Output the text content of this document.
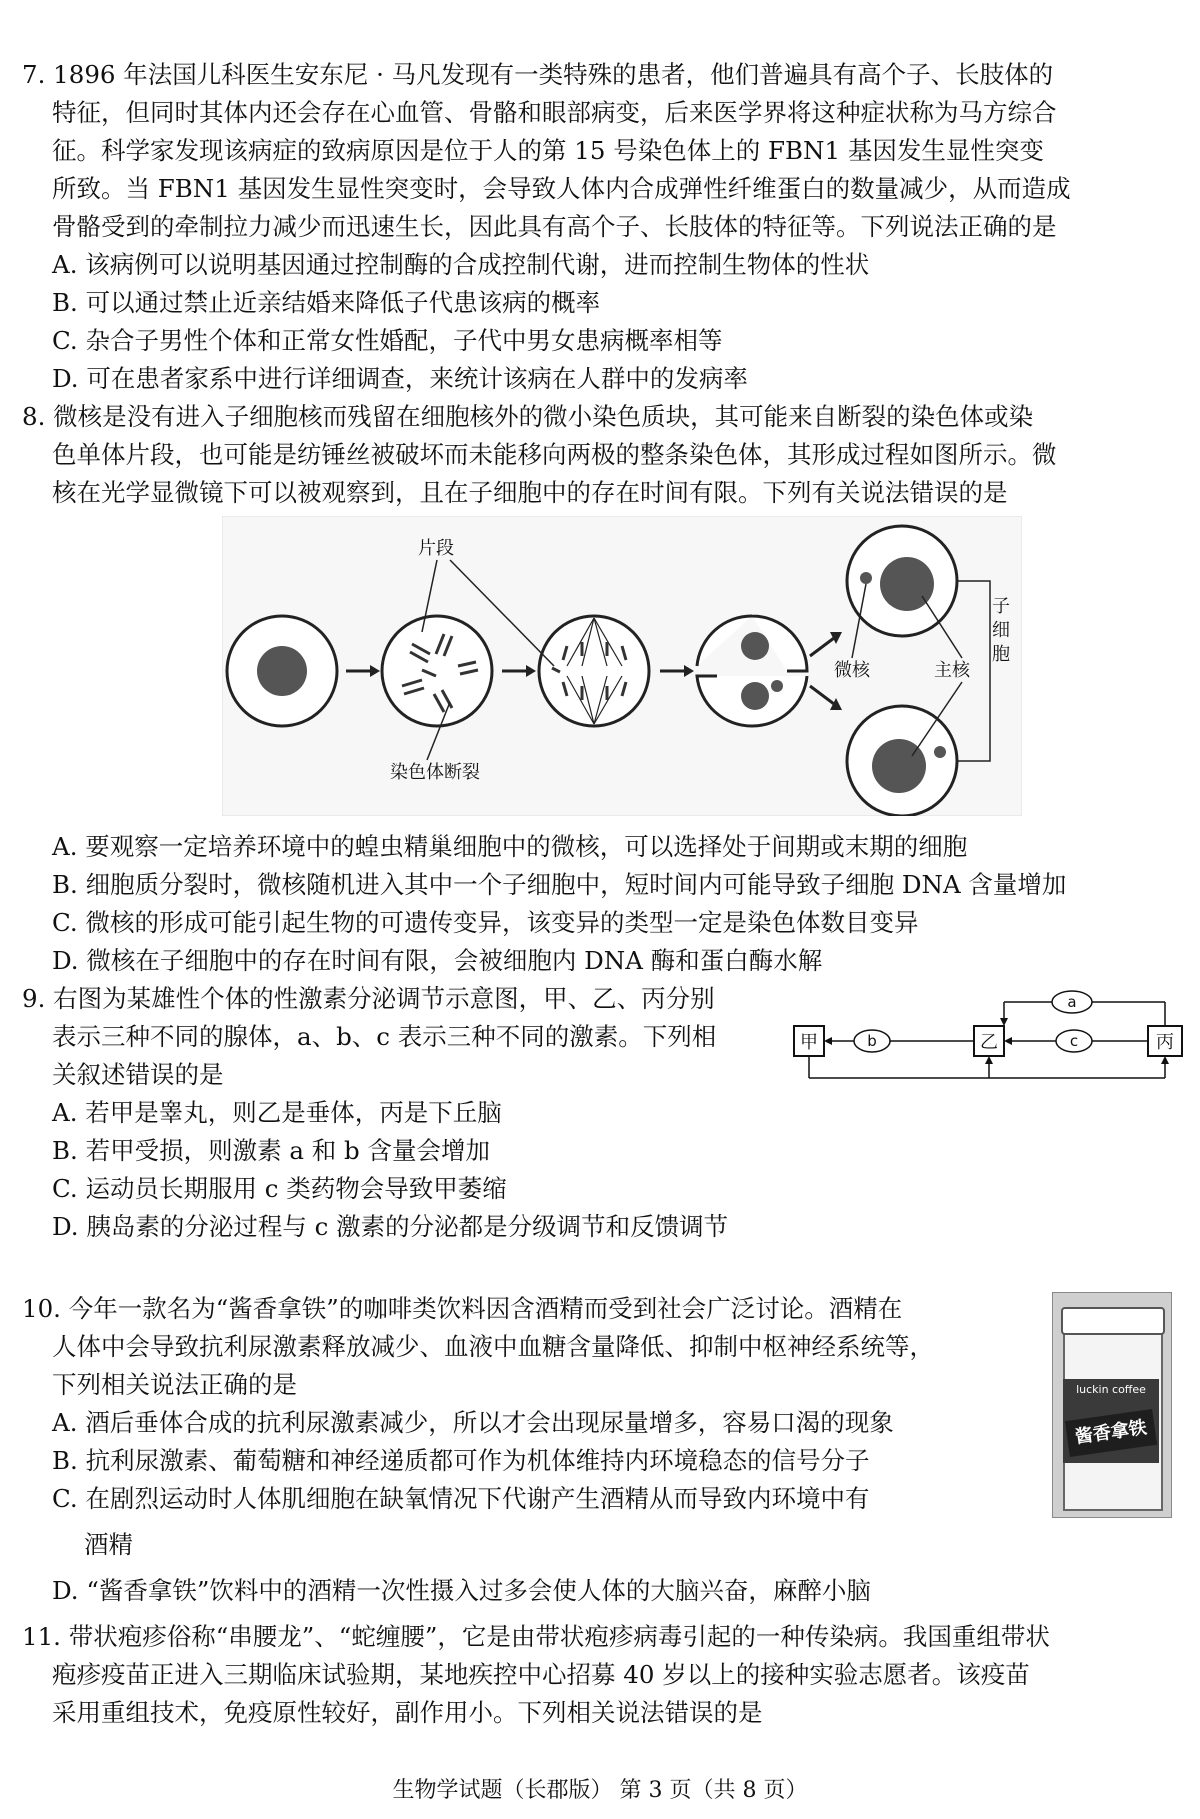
7. 1896 年法国儿科医生安东尼 · 马凡发现有一类特殊的患者，他们普遍具有高个子、长肢体的
特征，但同时其体内还会存在心血管、骨骼和眼部病变，后来医学界将这种症状称为马方综合
征。科学家发现该病症的致病原因是位于人的第 15 号染色体上的 FBN1 基因发生显性突变
所致。当 FBN1 基因发生显性突变时，会导致人体内合成弹性纤维蛋白的数量减少，从而造成
骨骼受到的牵制拉力减少而迅速生长，因此具有高个子、长肢体的特征等。下列说法正确的是
A. 该病例可以说明基因通过控制酶的合成控制代谢，进而控制生物体的性状
B. 可以通过禁止近亲结婚来降低子代患该病的概率
C. 杂合子男性个体和正常女性婚配，子代中男女患病概率相等
D. 可在患者家系中进行详细调查，来统计该病在人群中的发病率
8. 微核是没有进入子细胞核而残留在细胞核外的微小染色质块，其可能来自断裂的染色体或染
色单体片段，也可能是纺锤丝被破坏而未能移向两极的整条染色体，其形成过程如图所示。微
核在光学显微镜下可以被观察到，且在子细胞中的存在时间有限。下列有关说法错误的是
片段
染色体断裂
微核	主核
子
细
胞
A. 要观察一定培养环境中的蝗虫精巢细胞中的微核，可以选择处于间期或末期的细胞
B. 细胞质分裂时，微核随机进入其中一个子细胞中，短时间内可能导致子细胞 DNA 含量增加
C. 微核的形成可能引起生物的可遗传变异，该变异的类型一定是染色体数目变异
D. 微核在子细胞中的存在时间有限，会被细胞内 DNA 酶和蛋白酶水解
9. 右图为某雄性个体的性激素分泌调节示意图，甲、乙、丙分别
表示三种不同的腺体，a、b、c 表示三种不同的激素。下列相
关叙述错误的是
甲	乙	丙
a
b	c
A. 若甲是睾丸，则乙是垂体，丙是下丘脑
B. 若甲受损，则激素 a 和 b 含量会增加
C. 运动员长期服用 c 类药物会导致甲萎缩
D. 胰岛素的分泌过程与 c 激素的分泌都是分级调节和反馈调节
10. 今年一款名为“酱香拿铁”的咖啡类饮料因含酒精而受到社会广泛讨论。酒精在
人体中会导致抗利尿激素释放减少、血液中血糖含量降低、抑制中枢神经系统等，
下列相关说法正确的是	luckin coffee
酱香拿铁
A. 酒后垂体合成的抗利尿激素减少，所以才会出现尿量增多，容易口渴的现象
B. 抗利尿激素、葡萄糖和神经递质都可作为机体维持内环境稳态的信号分子
C. 在剧烈运动时人体肌细胞在缺氧情况下代谢产生酒精从而导致内环境中有
酒精
D. “酱香拿铁”饮料中的酒精一次性摄入过多会使人体的大脑兴奋，麻醉小脑
11. 带状疱疹俗称“串腰龙”、“蛇缠腰”，它是由带状疱疹病毒引起的一种传染病。我国重组带状
疱疹疫苗正进入三期临床试验期，某地疾控中心招募 40 岁以上的接种实验志愿者。该疫苗
采用重组技术，免疫原性较好，副作用小。下列相关说法错误的是
生物学试题（长郡版） 第 3 页（共 8 页）
